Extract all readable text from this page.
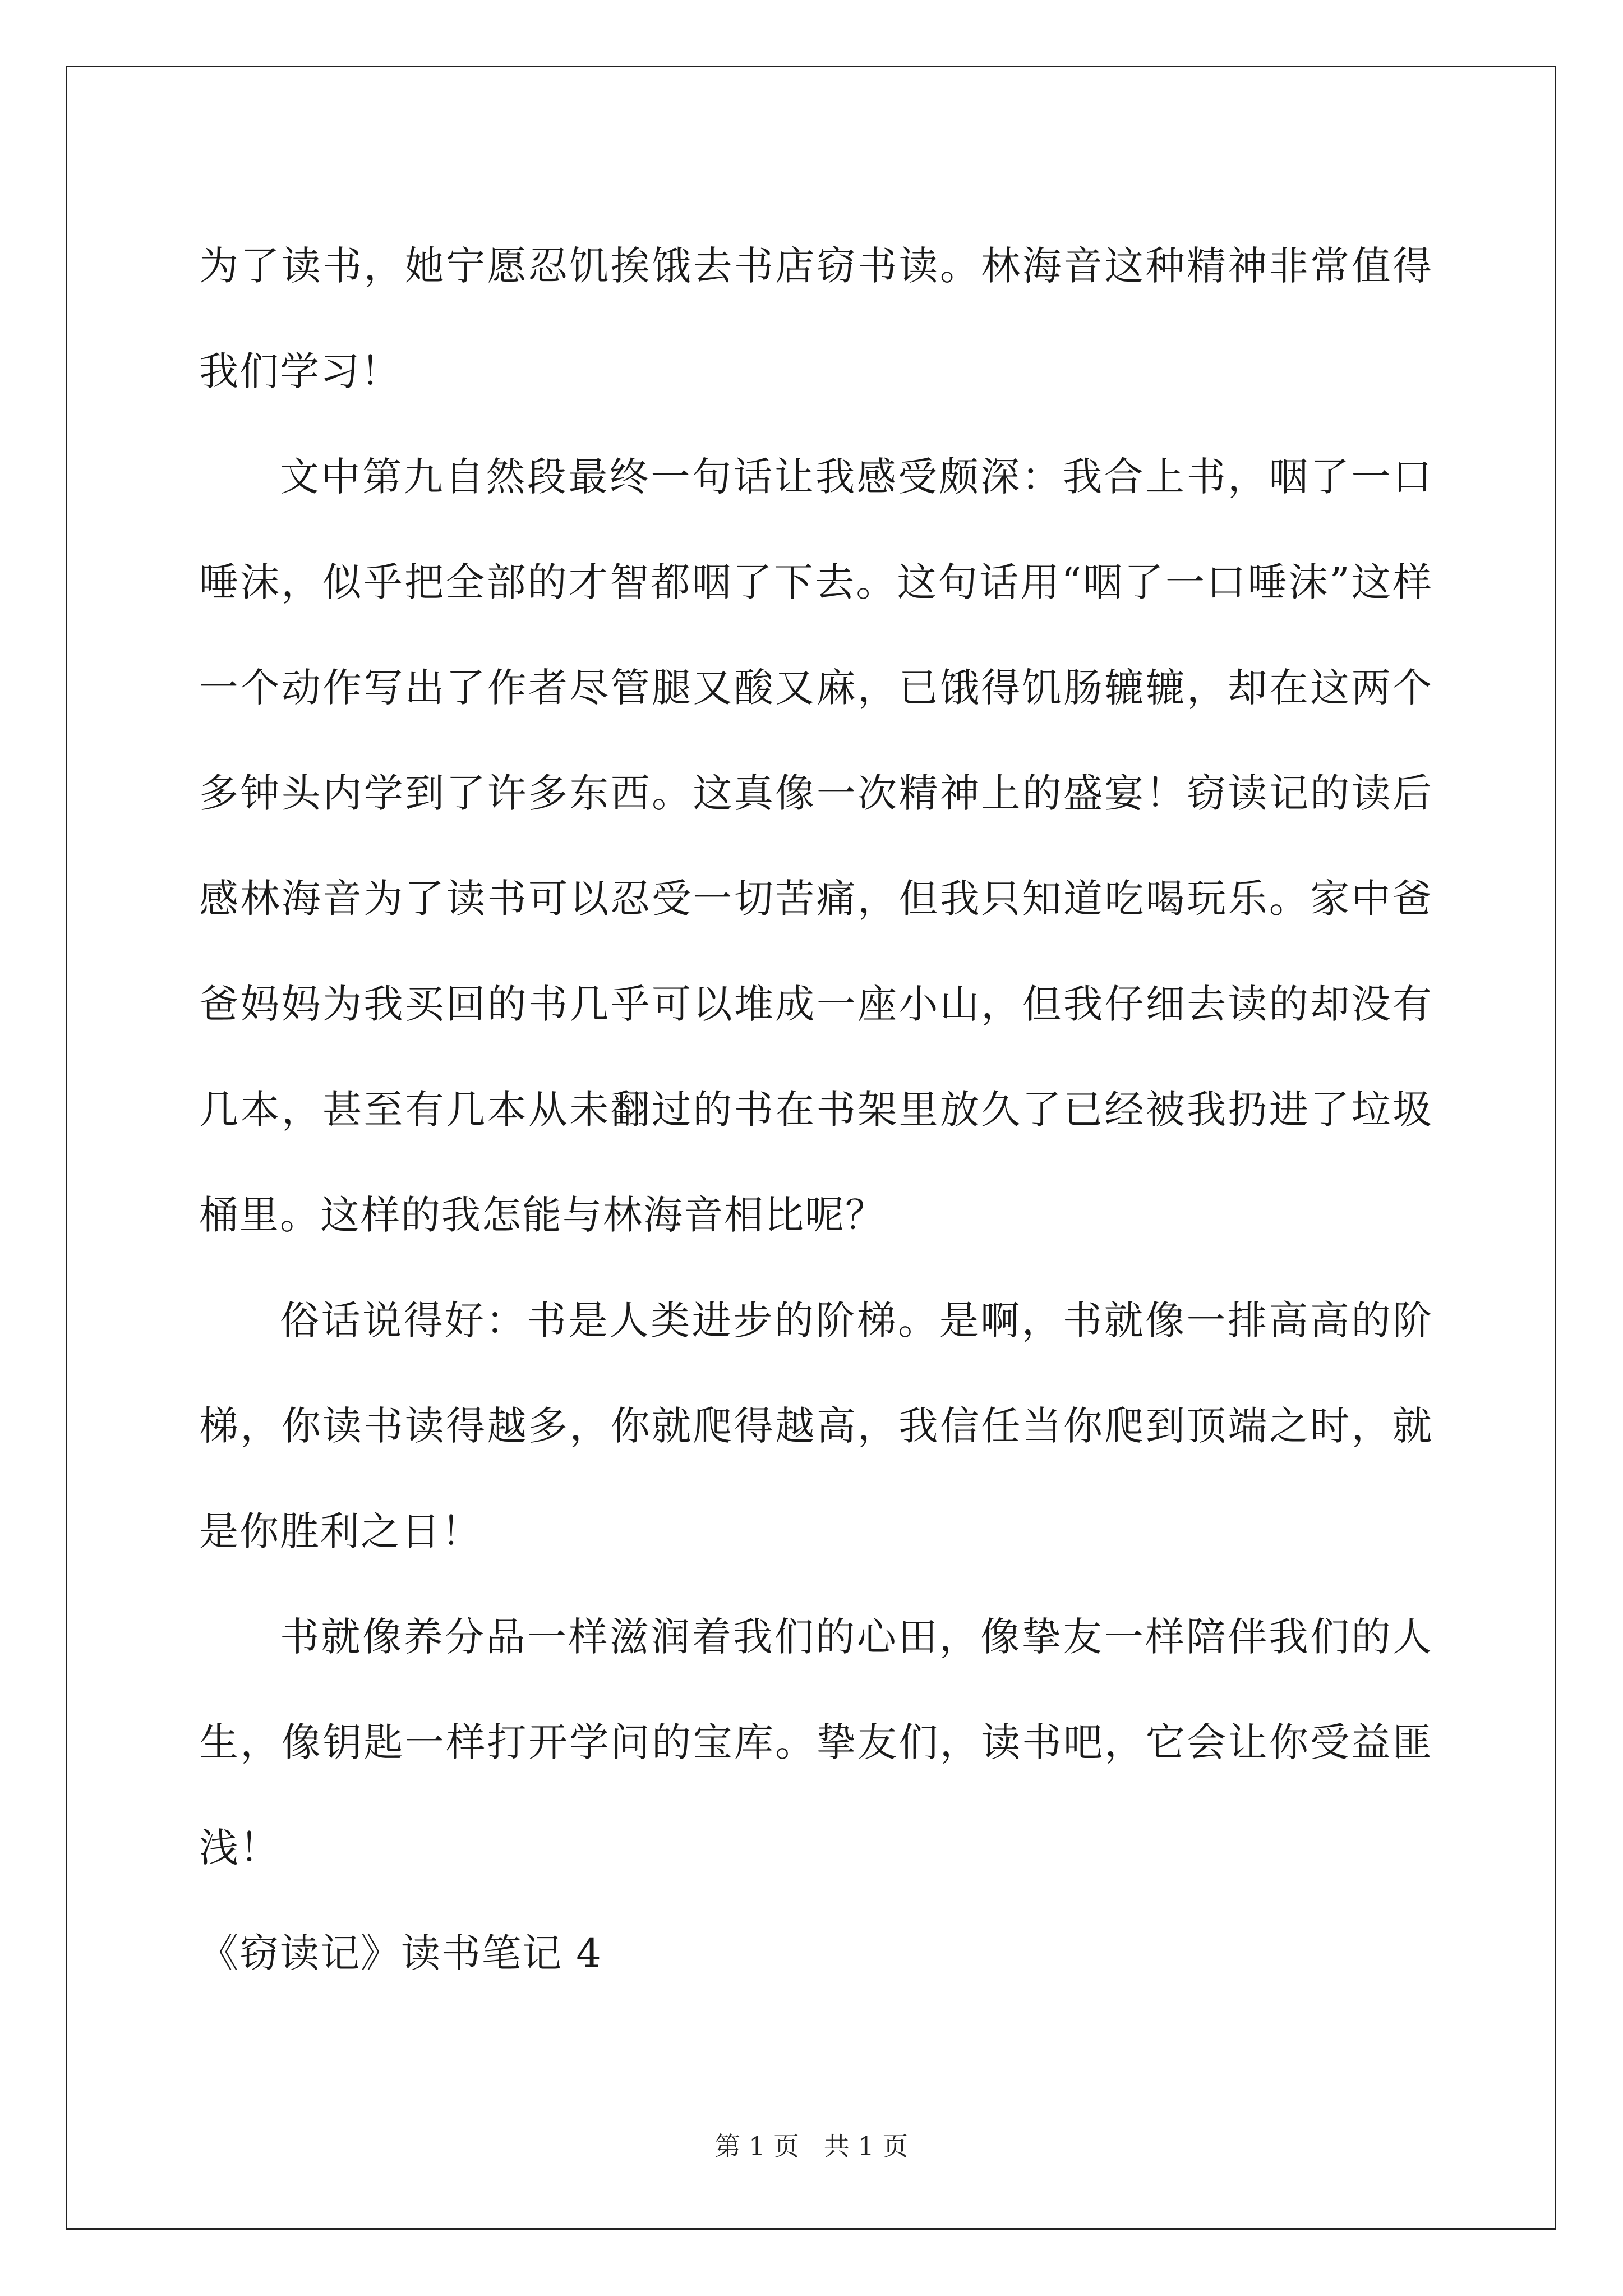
为了读书，她宁愿忍饥挨饿去书店窃书读。林海音这种精神非常值得我们学习！

文中第九自然段最终一句话让我感受颇深：我合上书，咽了一口唾沫，似乎把全部的才智都咽了下去。这句话用“咽了一口唾沫”这样一个动作写出了作者尽管腿又酸又麻，已饿得饥肠辘辘，却在这两个多钟头内学到了许多东西。这真像一次精神上的盛宴！窃读记的读后感林海音为了读书可以忍受一切苦痛，但我只知道吃喝玩乐。家中爸爸妈妈为我买回的书几乎可以堆成一座小山，但我仔细去读的却没有几本，甚至有几本从未翻过的书在书架里放久了已经被我扔进了垃圾桶里。这样的我怎能与林海音相比呢？

俗话说得好：书是人类进步的阶梯。是啊，书就像一排高高的阶梯，你读书读得越多，你就爬得越高，我信任当你爬到顶端之时，就是你胜利之日！

书就像养分品一样滋润着我们的心田，像挚友一样陪伴我们的人生，像钥匙一样打开学问的宝库。挚友们，读书吧，它会让你受益匪浅！

《窃读记》读书笔记 4

第 1 页   共 1 页
